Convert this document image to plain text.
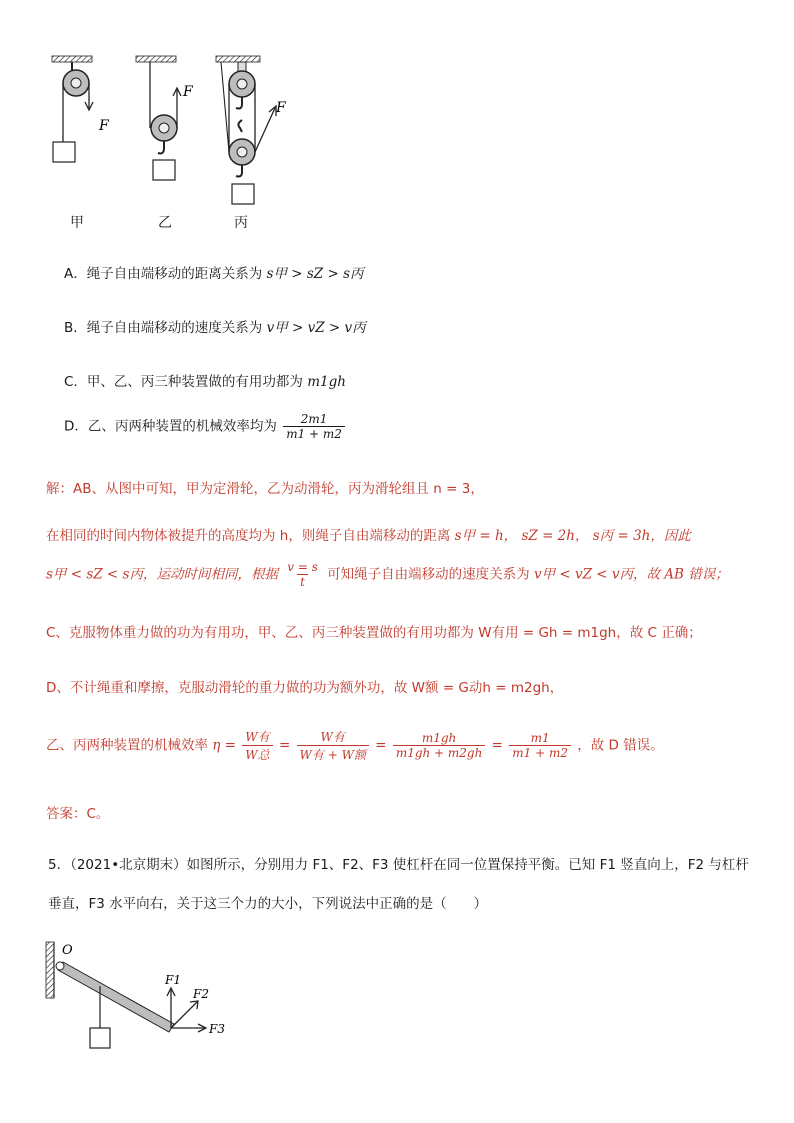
F
F
F
甲	乙	丙
A．绳子自由端移动的距离关系为 s甲 > sZ > s丙
B．绳子自由端移动的速度关系为 v甲 > vZ > v丙
C．甲、乙、丙三种装置做的有用功都为 m1gh
D．乙、丙两种装置的机械效率均为 $\frac{2m1}{m1 + m2}$
解：AB、从图中可知，甲为定滑轮，乙为动滑轮，丙为滑轮组且 n = 3，
在相同的时间内物体被提升的高度均为 h，则绳子自由端移动的距离 s甲 = h， sZ = 2h， s丙 = 3h，因此
s甲 < sZ < s丙，运动时间相同，根据 $\frac{v = s}{t}$ 可知绳子自由端移动的速度关系为 v甲 < vZ < v丙，故 AB 错误；
C、克服物体重力做的功为有用功，甲、乙、丙三种装置做的有用功都为 W有用 = Gh = m1gh，故 C 正确；
D、不计绳重和摩擦，克服动滑轮的重力做的功为额外功，故 W额 = G动h = m2gh，
乙、丙两种装置的机械效率 $\eta = \frac{\text{W有}}{\text{W总}} = \frac{\text{W有}}{\text{W有 + W额}} = \frac{m1gh}{m1gh + m2gh} = \frac{m1}{m1 + m2}$ ，故 D 错误。
答案：C。
5．（2021•北京期末）如图所示，分别用力 F1、F2、F3 使杠杆在同一位置保持平衡。已知 F1 竖直向上，F2 与杠杆
垂直，F3 水平向右，关于这三个力的大小，下列说法中正确的是（　　）
O
F1
F2
F3
